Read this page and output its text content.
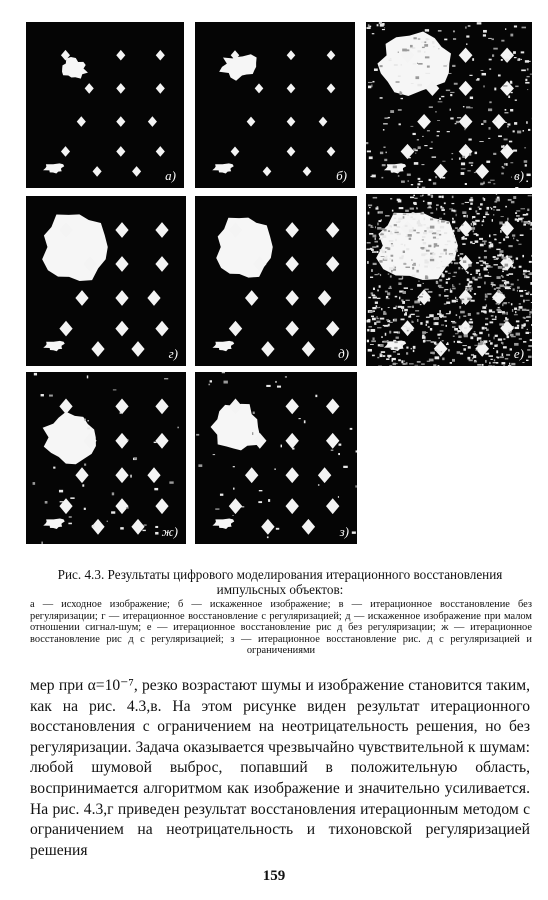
а)	б)	в)
г)	д)	е)
ж)	з)
Рис. 4.3. Результаты цифрового моделирования итерационного восстановления импульсных объектов:
а — исходное изображение; б — искаженное изображение; в — итерационное восстановление без регуляризации; г — итерационное восстановление с регуляризацией; д — искаженное изображение при малом отношении сигнал-шум; е — итерационное восстановление рис д без регуляризации; ж — итерационное восстановление рис д с регуляризацией; з — итерационное восстановление рис. д с регуляризацией и ограничениями
мер при α=10⁻⁷, резко возрастают шумы и изображение становится таким, как на рис. 4.3,в. На этом рисунке виден результат итерационного восстановления с ограничением на неотрицательность решения, но без регуляризации. Задача оказывается чрезвычайно чувствительной к шумам: любой шумовой выброс, попавший в положительную область, воспринимается алгоритмом как изображение и значительно усиливается. На рис. 4.3,г приведен результат восстановления итерационным методом с ограничением на неотрицательность и тихоновской регуляризацией решения
159
